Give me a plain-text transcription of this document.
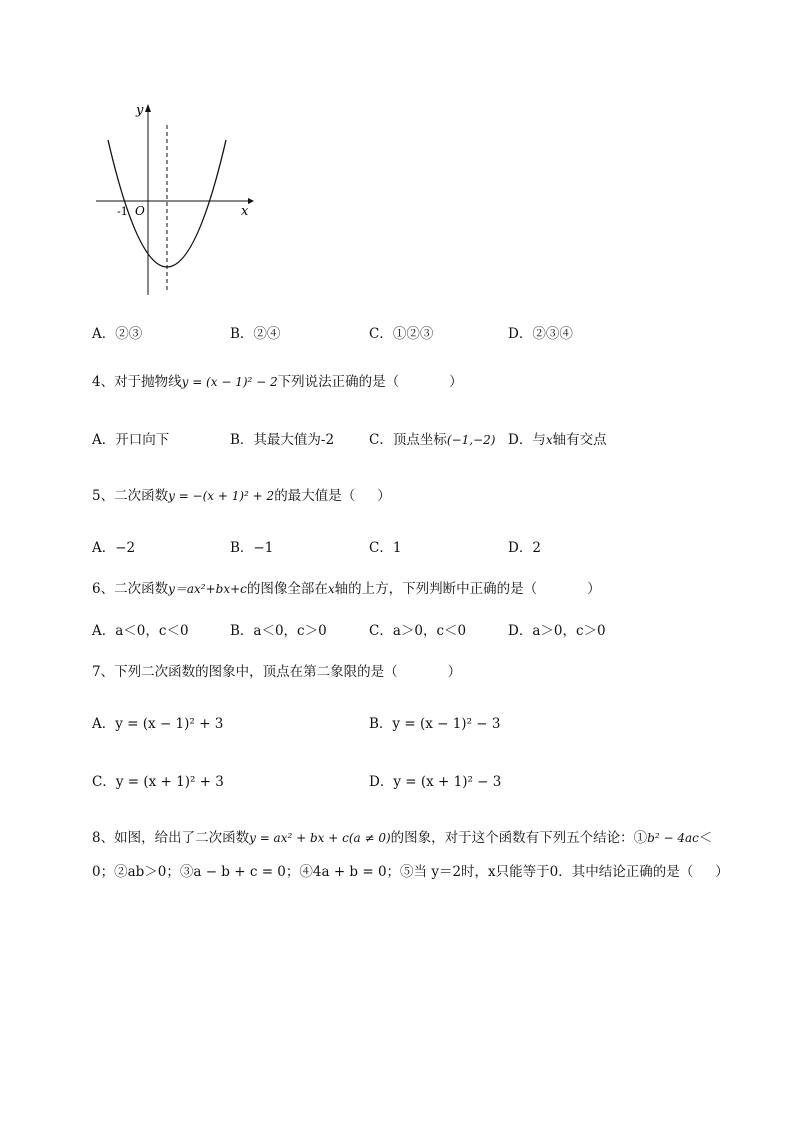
y
x
O
-1
A．②③	B．②④	C．①②③	D．②③④
4、对于抛物线y = (x − 1)² − 2下列说法正确的是（	）
A．开口向下	B．其最大值为-2	C．顶点坐标(−1,−2) D．与x轴有交点
5、二次函数y = −(x + 1)² + 2的最大值是（ ）
A．−2	B．−1	C．1	D．2
6、二次函数y＝ax²+bx+c的图像全部在x轴的上方，下列判断中正确的是（	）
A．a＜0，c＜0	B．a＜0，c＞0	C．a＞0，c＜0	D．a＞0，c＞0
7、下列二次函数的图象中，顶点在第二象限的是（	）
A．y = (x − 1)² + 3	B．y = (x − 1)² − 3
C．y = (x + 1)² + 3	D．y = (x + 1)² − 3
8、如图，给出了二次函数y = ax² + bx + c(a ≠ 0)的图象，对于这个函数有下列五个结论：①b² − 4ac＜
0；②ab＞0；③a − b + c = 0；④4a + b = 0；⑤当 y＝2时，x只能等于0．其中结论正确的是（ ）
